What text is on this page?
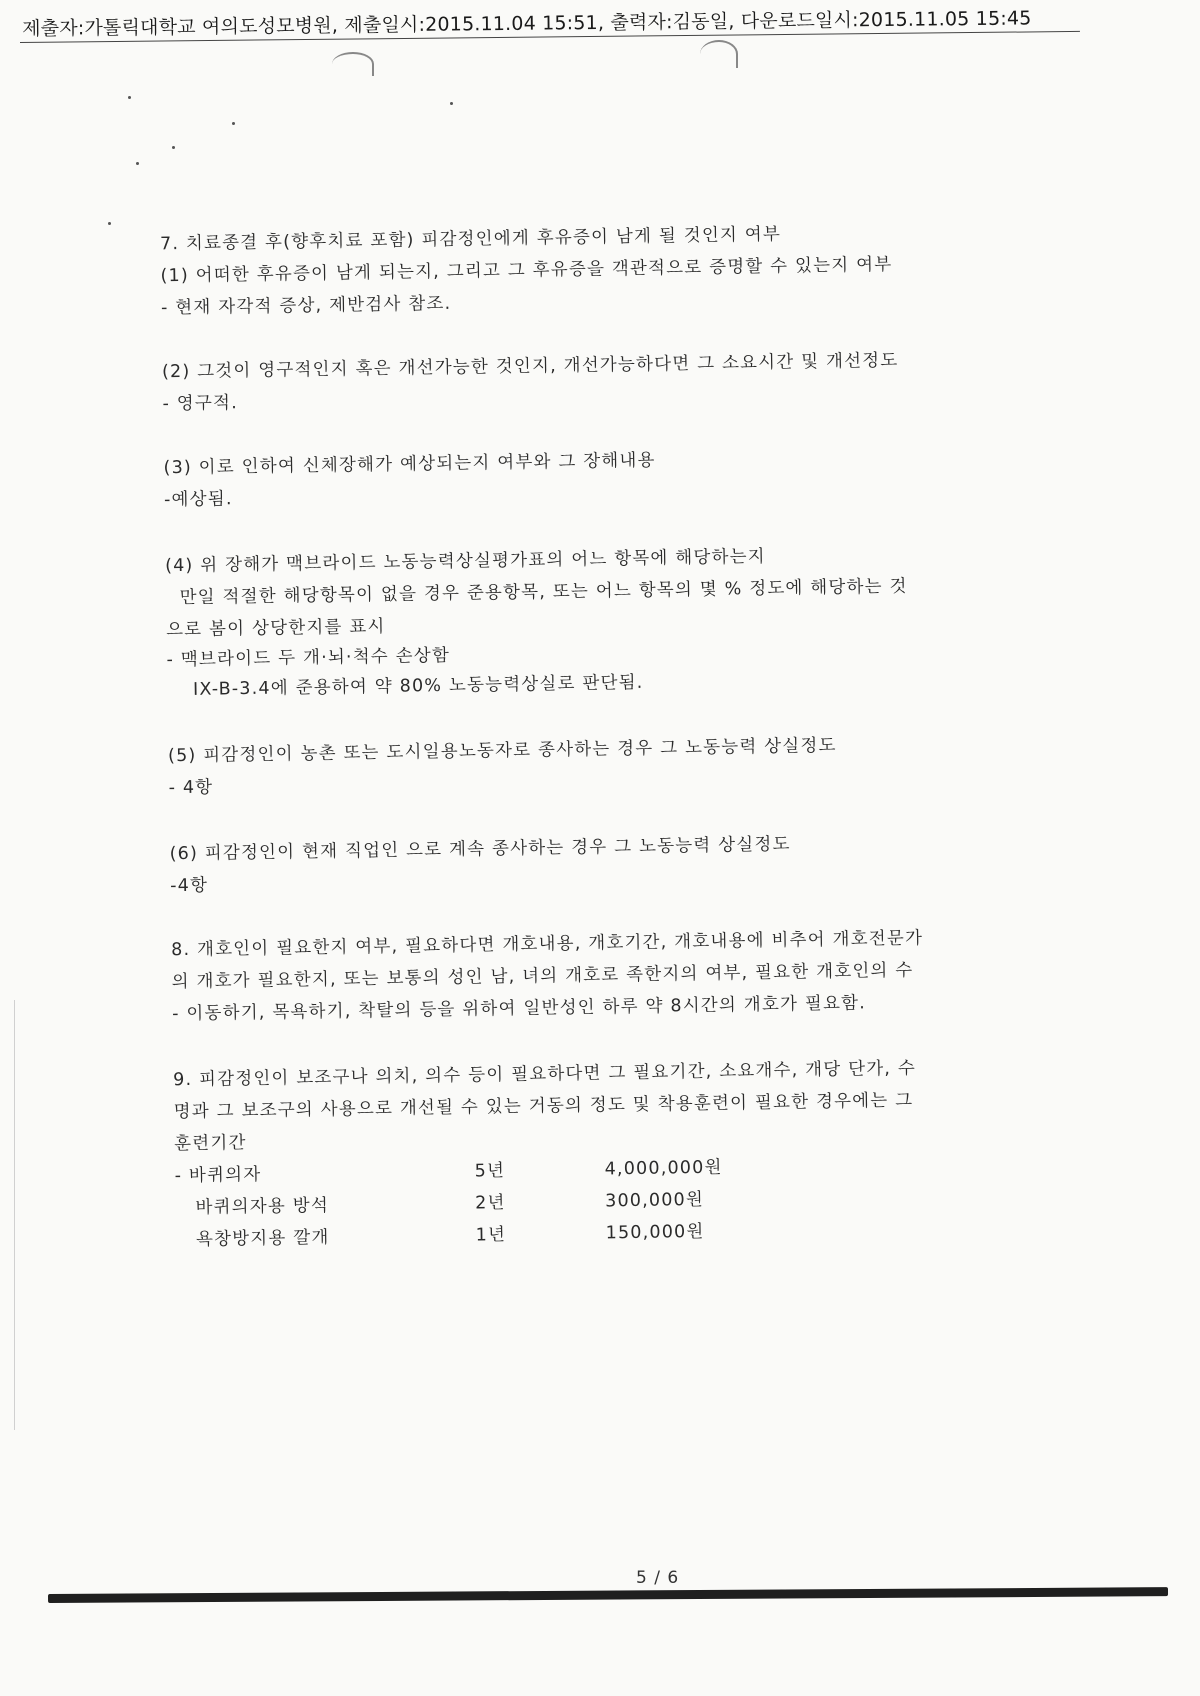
제출자:가톨릭대학교 여의도성모병원, 제출일시:2015.11.04 15:51, 출력자:김동일, 다운로드일시:2015.11.05 15:45
7. 치료종결 후(향후치료 포함) 피감정인에게 후유증이 남게 될 것인지 여부
(1) 어떠한 후유증이 남게 되는지, 그리고 그 후유증을 객관적으로 증명할 수 있는지 여부
- 현재 자각적 증상, 제반검사 참조.
(2) 그것이 영구적인지 혹은 개선가능한 것인지, 개선가능하다면 그 소요시간 및 개선정도
- 영구적.
(3) 이로 인하여 신체장해가 예상되는지 여부와 그 장해내용
-예상됨.
(4) 위 장해가 맥브라이드 노동능력상실평가표의 어느 항목에 해당하는지
만일 적절한 해당항목이 없을 경우 준용항목, 또는 어느 항목의 몇 % 정도에 해당하는 것
으로 봄이 상당한지를 표시
- 맥브라이드 두 개·뇌·척수 손상함
IX-B-3.4에 준용하여 약 80% 노동능력상실로 판단됨.
(5) 피감정인이 농촌 또는 도시일용노동자로 종사하는 경우 그 노동능력 상실정도
- 4항
(6) 피감정인이 현재 직업인 으로 계속 종사하는 경우 그 노동능력 상실정도
-4항
8. 개호인이 필요한지 여부, 필요하다면 개호내용, 개호기간, 개호내용에 비추어 개호전문가
의 개호가 필요한지, 또는 보통의 성인 남, 녀의 개호로 족한지의 여부, 필요한 개호인의 수
- 이동하기, 목욕하기, 착탈의 등을 위하여 일반성인 하루 약 8시간의 개호가 필요함.
9. 피감정인이 보조구나 의치, 의수 등이 필요하다면 그 필요기간, 소요개수, 개당 단가, 수
명과 그 보조구의 사용으로 개선될 수 있는 거동의 정도 및 착용훈련이 필요한 경우에는 그
훈련기간
- 바퀴의자	5년	4,000,000원
바퀴의자용 방석	2년	300,000원
욕창방지용 깔개	1년	150,000원
5 / 6
